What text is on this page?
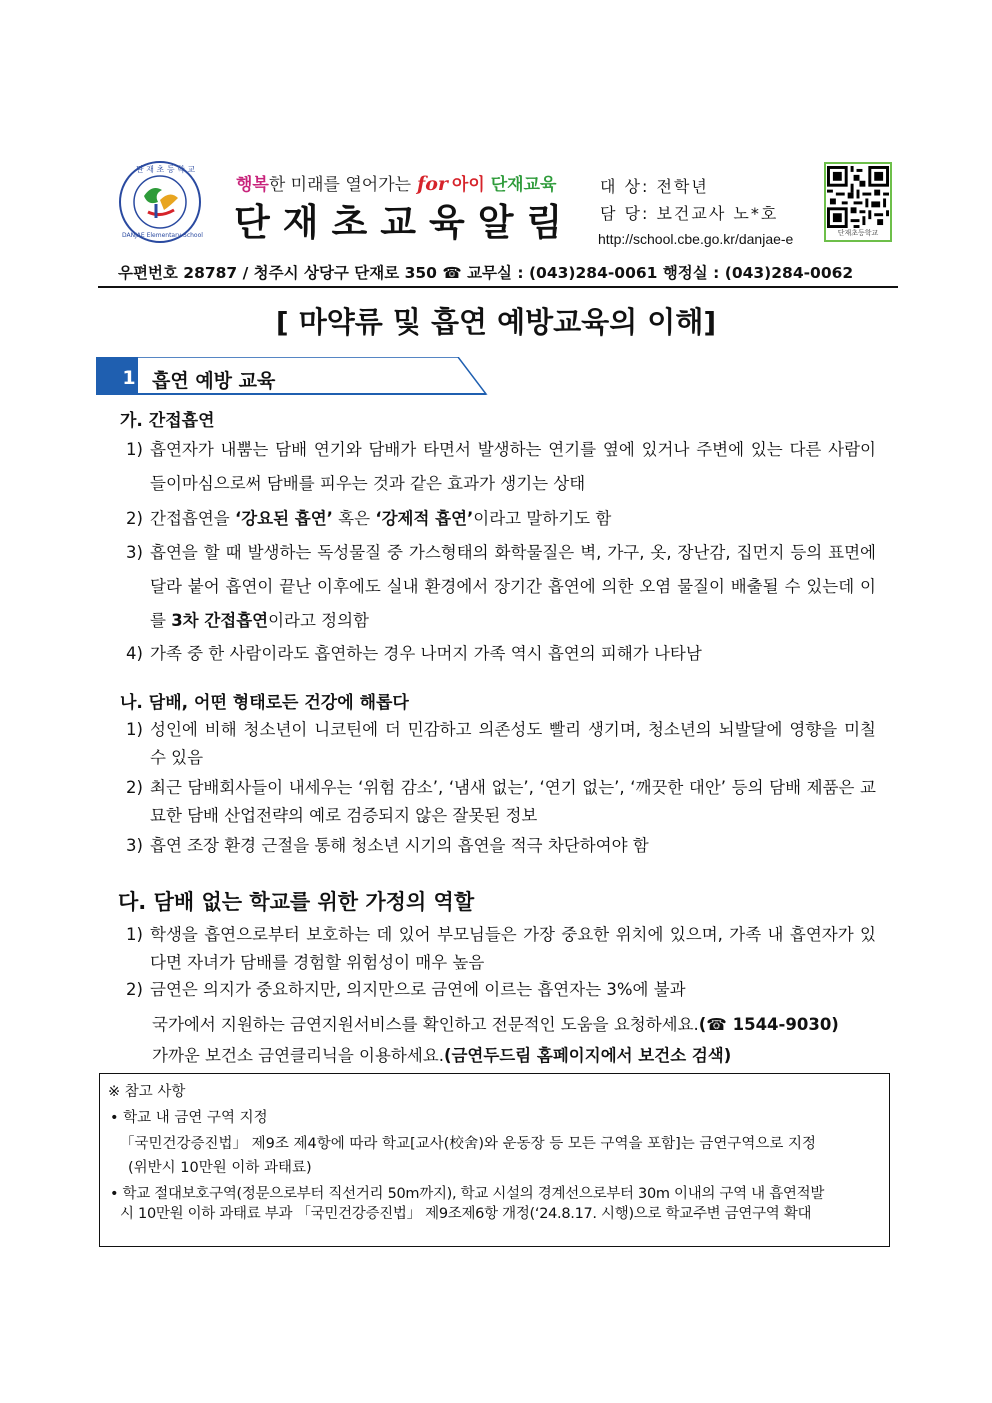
단 재 초 등 학 교
DANJAE Elementary School
행복한 미래를 열어가는 for 아이 단재교육
단재초교육알림
대 상: 전학년
담 당: 보건교사 노*호
http://school.cbe.go.kr/danjae-e	단재초등학교
우편번호 28787 / 청주시 상당구 단재로 350 ☎ 교무실 : (043)284-0061 행정실 : (043)284-0062
[ 마약류 및 흡연 예방교육의 이해]
1 흡연 예방 교육
가. 간접흡연
1) 흡연자가 내뿜는 담배 연기와 담배가 타면서 발생하는 연기를 옆에 있거나 주변에 있는 다른 사람이 들이마심으로써 담배를 피우는 것과 같은 효과가 생기는 상태
2) 간접흡연을 ‘강요된 흡연’ 혹은 ‘강제적 흡연’이라고 말하기도 함
3) 흡연을 할 때 발생하는 독성물질 중 가스형태의 화학물질은 벽, 가구, 옷, 장난감, 집먼지 등의 표면에 달라 붙어 흡연이 끝난 이후에도 실내 환경에서 장기간 흡연에 의한 오염 물질이 배출될 수 있는데 이를 3차 간접흡연이라고 정의함
4) 가족 중 한 사람이라도 흡연하는 경우 나머지 가족 역시 흡연의 피해가 나타남
나. 담배, 어떤 형태로든 건강에 해롭다
1) 성인에 비해 청소년이 니코틴에 더 민감하고 의존성도 빨리 생기며, 청소년의 뇌발달에 영향을 미칠 수 있음
2) 최근 담배회사들이 내세우는 ‘위험 감소’, ‘냄새 없는’, ‘연기 없는’, ‘깨끗한 대안’ 등의 담배 제품은 교묘한 담배 산업전략의 예로 검증되지 않은 잘못된 정보
3) 흡연 조장 환경 근절을 통해 청소년 시기의 흡연을 적극 차단하여야 함
다. 담배 없는 학교를 위한 가정의 역할
1) 학생을 흡연으로부터 보호하는 데 있어 부모님들은 가장 중요한 위치에 있으며, 가족 내 흡연자가 있다면 자녀가 담배를 경험할 위험성이 매우 높음
2) 금연은 의지가 중요하지만, 의지만으로 금연에 이르는 흡연자는 3%에 불과
국가에서 지원하는 금연지원서비스를 확인하고 전문적인 도움을 요청하세요.(☎ 1544-9030)
가까운 보건소 금연클리닉을 이용하세요.(금연두드림 홈페이지에서 보건소 검색)
※ 참고 사항
• 학교 내 금연 구역 지정
「국민건강증진법」 제9조 제4항에 따라 학교[교사(校舍)와 운동장 등 모든 구역을 포함]는 금연구역으로 지정
(위반시 10만원 이하 과태료)
• 학교 절대보호구역(정문으로부터 직선거리 50m까지), 학교 시설의 경계선으로부터 30m 이내의 구역 내 흡연적발
시 10만원 이하 과태료 부과 「국민건강증진법」 제9조제6항 개정(‘24.8.17. 시행)으로 학교주변 금연구역 확대
